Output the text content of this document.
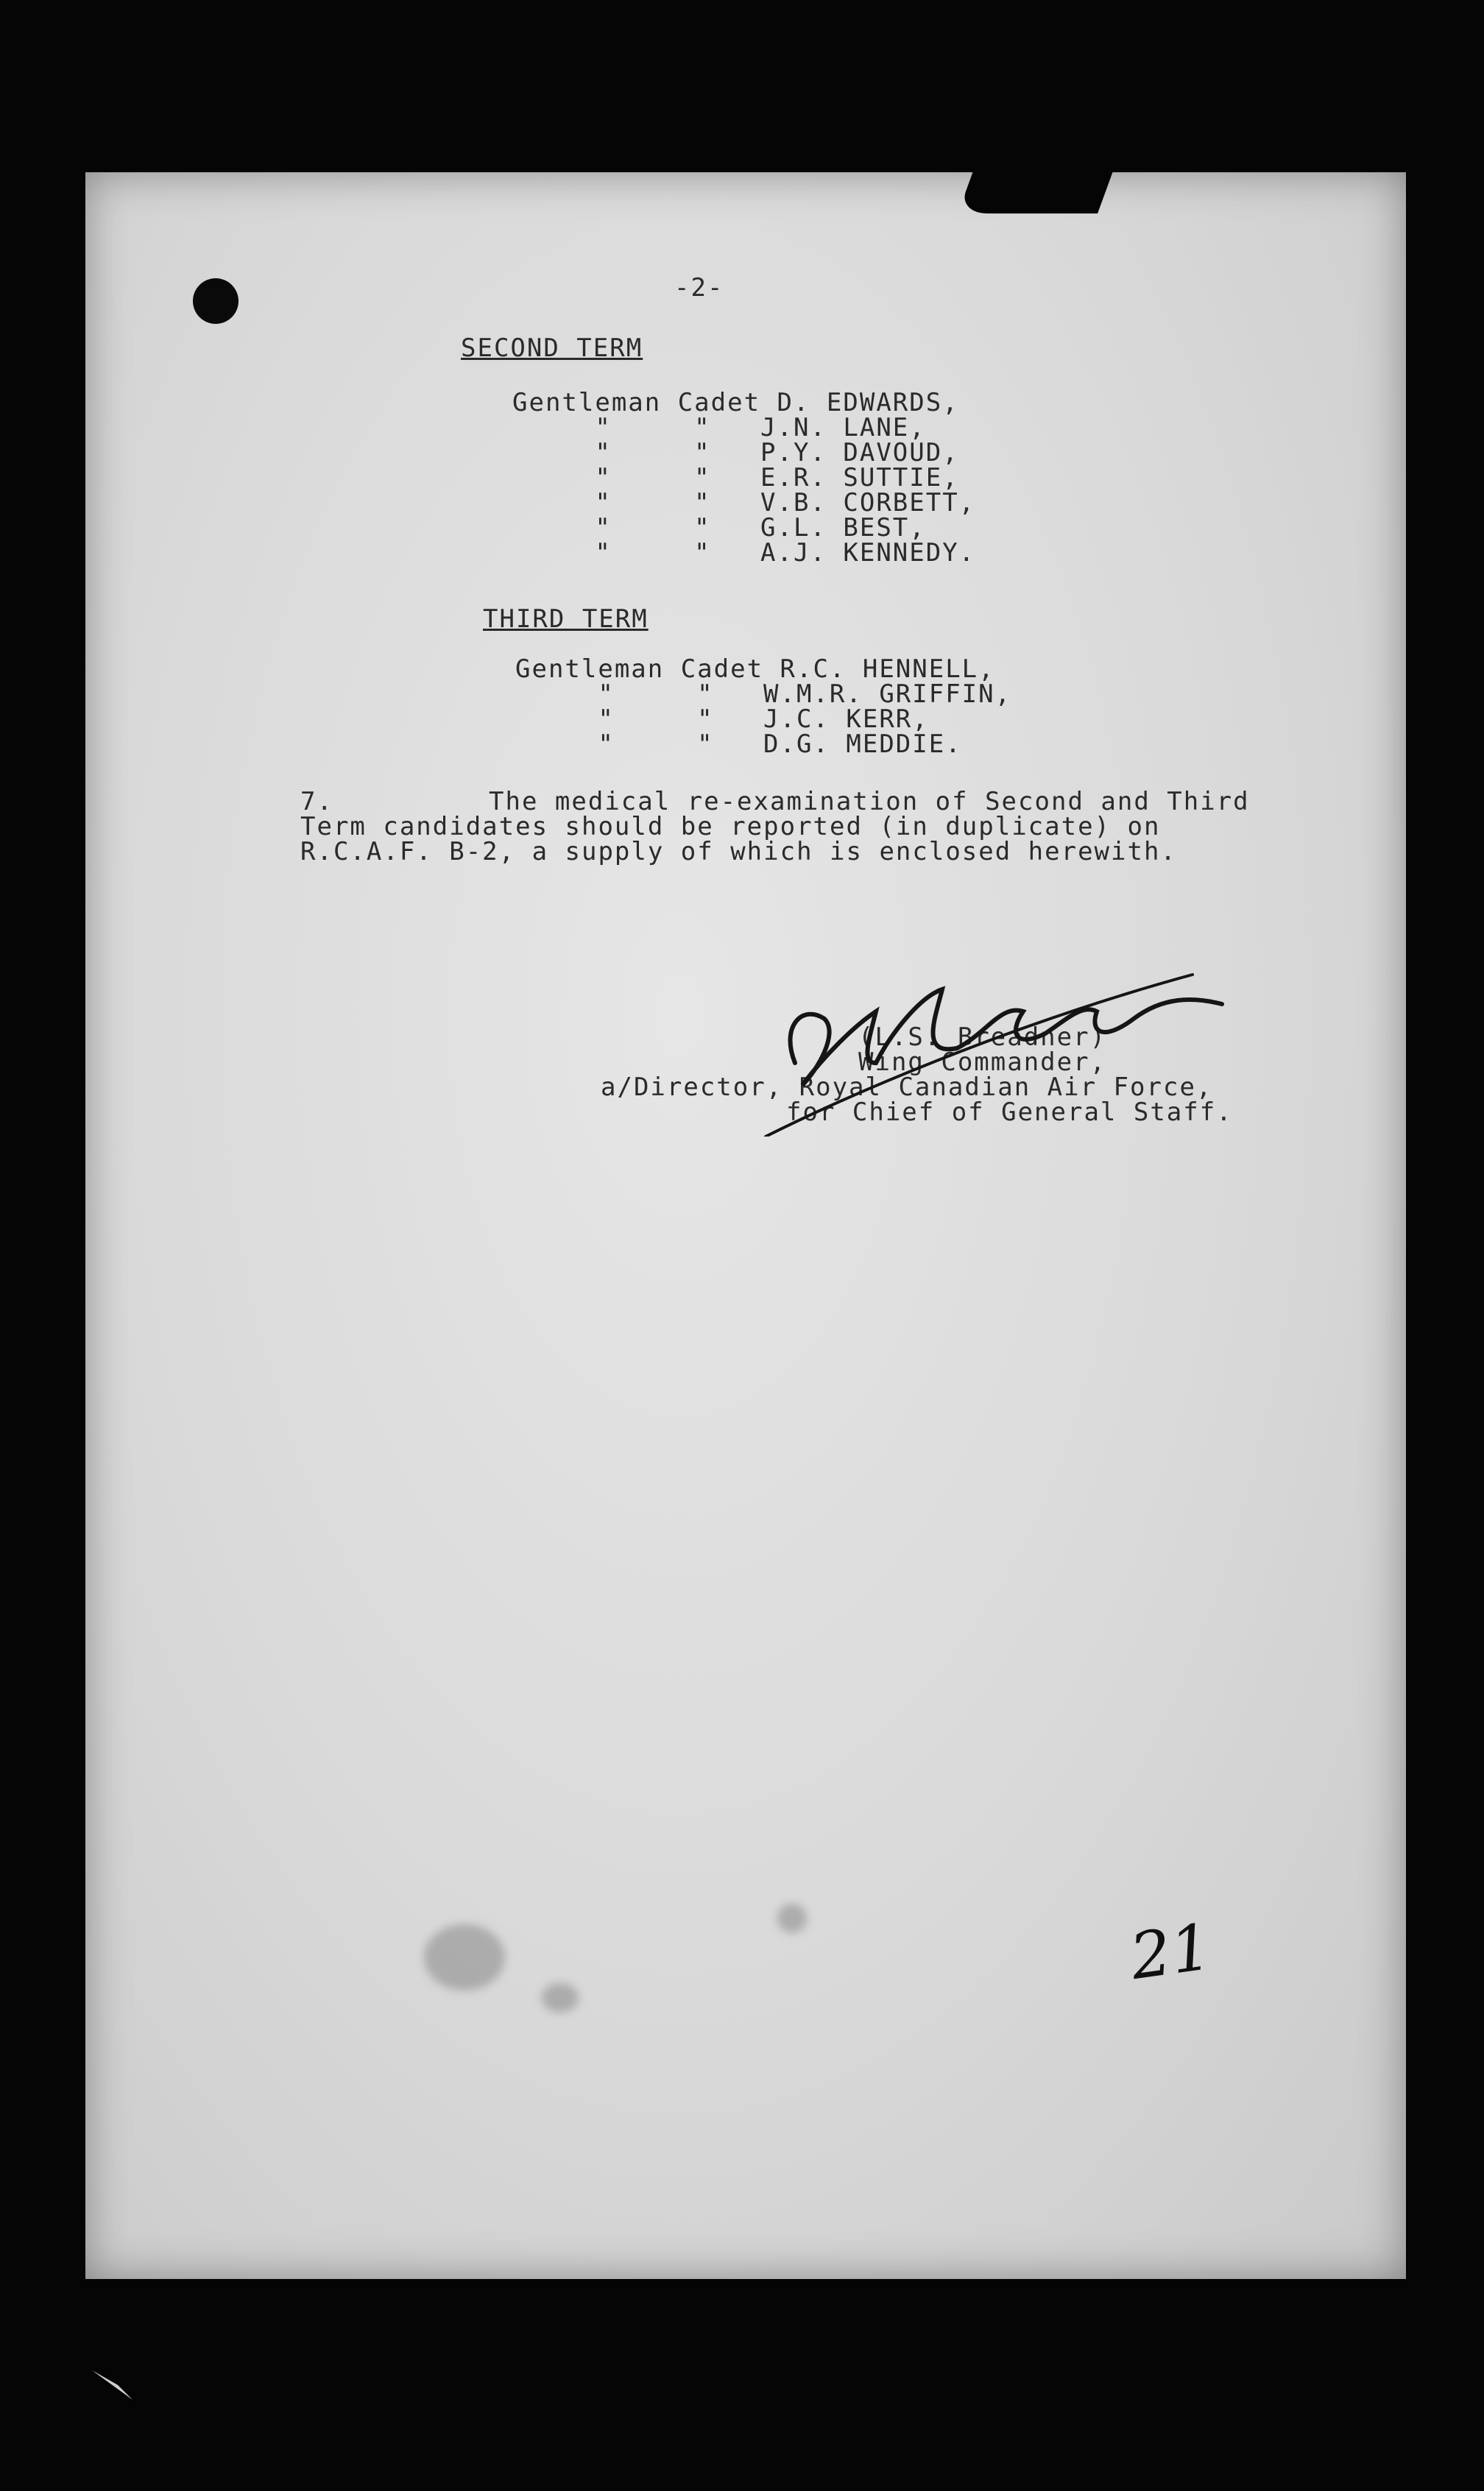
-2-
SECOND TERM
Gentleman Cadet D. EDWARDS,
"     "   J.N. LANE,
"     "   P.Y. DAVOUD,
"     "   E.R. SUTTIE,
"     "   V.B. CORBETT,
"     "   G.L. BEST,
"     "   A.J. KENNEDY.
THIRD TERM
Gentleman Cadet R.C. HENNELL,
"     "   W.M.R. GRIFFIN,
"     "   J.C. KERR,
"     "   D.G. MEDDIE.
7.	The medical re-examination of Second and Third
Term candidates should be reported (in duplicate) on
R.C.A.F. B-2, a supply of which is enclosed herewith.
(L.S. Breadner)
Wing Commander,
a/Director, Royal Canadian Air Force,
for Chief of General Staff.
21
